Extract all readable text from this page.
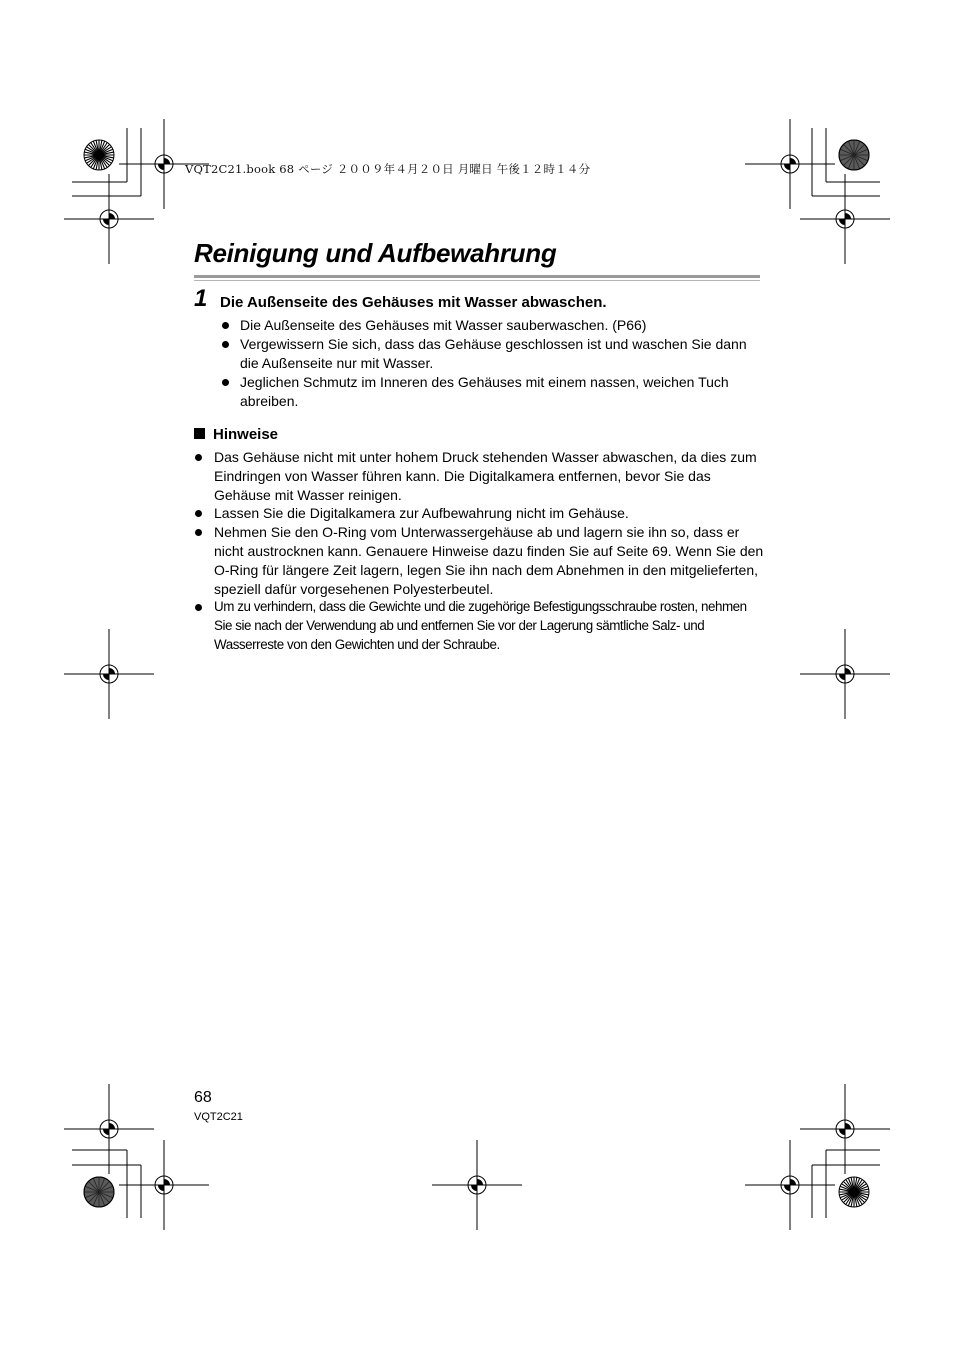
VQT2C21.book 68 ページ ２００９年４月２０日 月曜日 午後１２時１４分
Reinigung und Aufbewahrung
1 Die Außenseite des Gehäuses mit Wasser abwaschen.
Die Außenseite des Gehäuses mit Wasser sauberwaschen. (P66)
Vergewissern Sie sich, dass das Gehäuse geschlossen ist und waschen Sie dann die Außenseite nur mit Wasser.
Jeglichen Schmutz im Inneren des Gehäuses mit einem nassen, weichen Tuch abreiben.
Hinweise
Das Gehäuse nicht mit unter hohem Druck stehenden Wasser abwaschen, da dies zum Eindringen von Wasser führen kann. Die Digitalkamera entfernen, bevor Sie das Gehäuse mit Wasser reinigen.
Lassen Sie die Digitalkamera zur Aufbewahrung nicht im Gehäuse.
Nehmen Sie den O-Ring vom Unterwassergehäuse ab und lagern sie ihn so, dass er nicht austrocknen kann. Genauere Hinweise dazu finden Sie auf Seite 69. Wenn Sie den O-Ring für längere Zeit lagern, legen Sie ihn nach dem Abnehmen in den mitgelieferten, speziell dafür vorgesehenen Polyesterbeutel.
Um zu verhindern, dass die Gewichte und die zugehörige Befestigungsschraube rosten, nehmen Sie sie nach der Verwendung ab und entfernen Sie vor der Lagerung sämtliche Salz- und Wasserreste von den Gewichten und der Schraube.
68
VQT2C21
